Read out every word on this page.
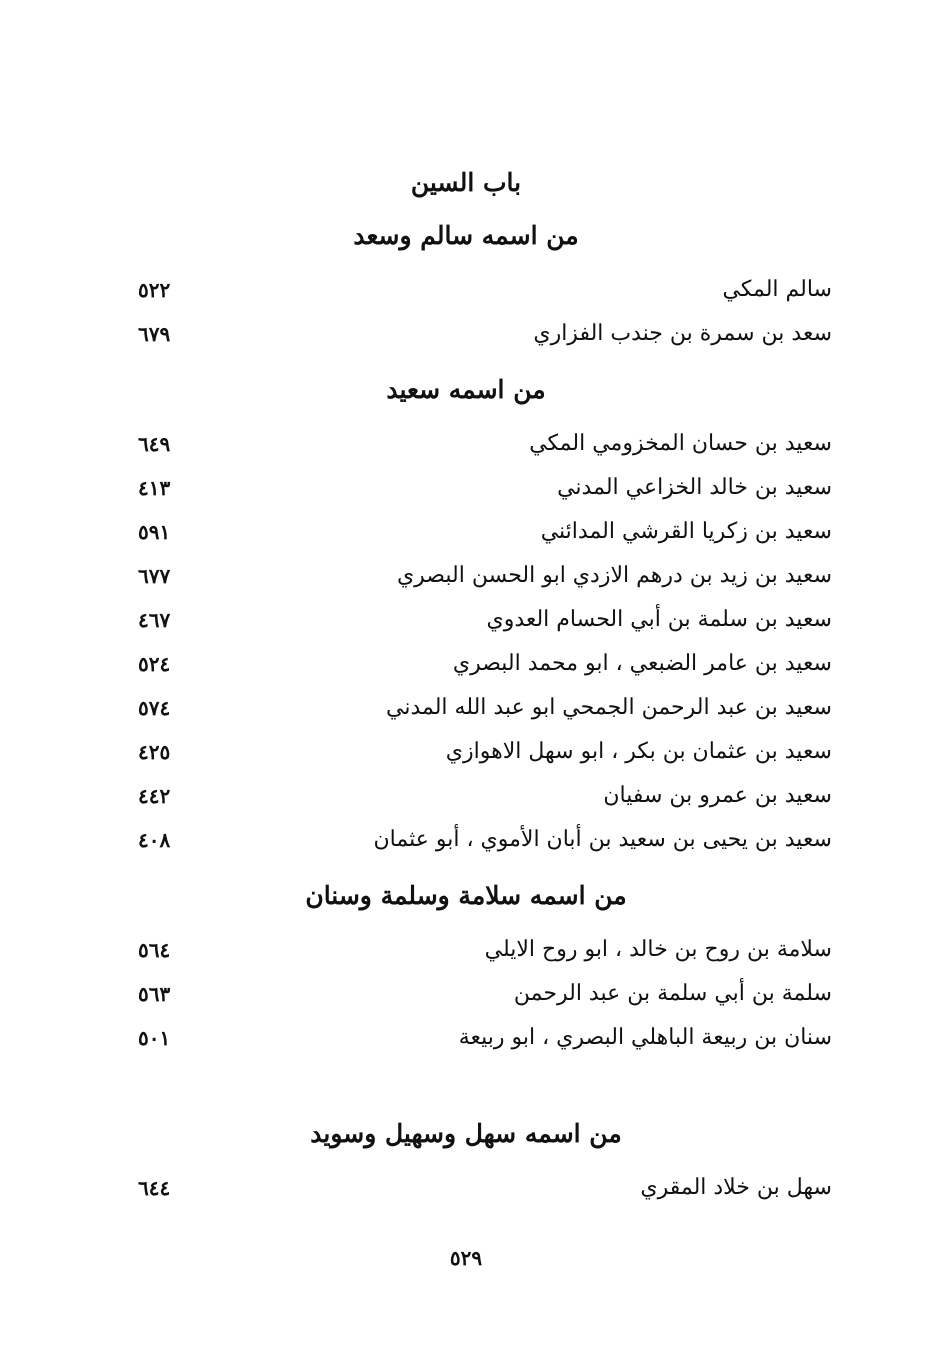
باب السين
من اسمه سالم وسعد
سالم المكي
٥٢٢
سعد بن سمرة بن جندب الفزاري
٦٧٩
من اسمه سعيد
سعيد بن حسان المخزومي المكي
٦٤٩
سعيد بن خالد الخزاعي المدني
٤١٣
سعيد بن زكريا القرشي المدائني
٥٩١
سعيد بن زيد بن درهم الازدي ابو الحسن البصري
٦٧٧
سعيد بن سلمة بن أبي الحسام العدوي
٤٦٧
سعيد بن عامر الضبعي ، ابو محمد البصري
٥٢٤
سعيد بن عبد الرحمن الجمحي ابو عبد الله المدني
٥٧٤
سعيد بن عثمان بن بكر ، ابو سهل الاهوازي
٤٢٥
سعيد بن عمرو بن سفيان
٤٤٢
سعيد بن يحيى بن سعيد بن أبان الأموي ، أبو عثمان
٤٠٨
من اسمه سلامة وسلمة وسنان
سلامة بن روح بن خالد ، ابو روح الايلي
٥٦٤
سلمة بن أبي سلمة بن عبد الرحمن
٥٦٣
سنان بن ربيعة الباهلي البصري ، ابو ربيعة
٥٠١
من اسمه سهل وسهيل وسويد
سهل بن خلاد المقري
٦٤٤
٥٢٩
